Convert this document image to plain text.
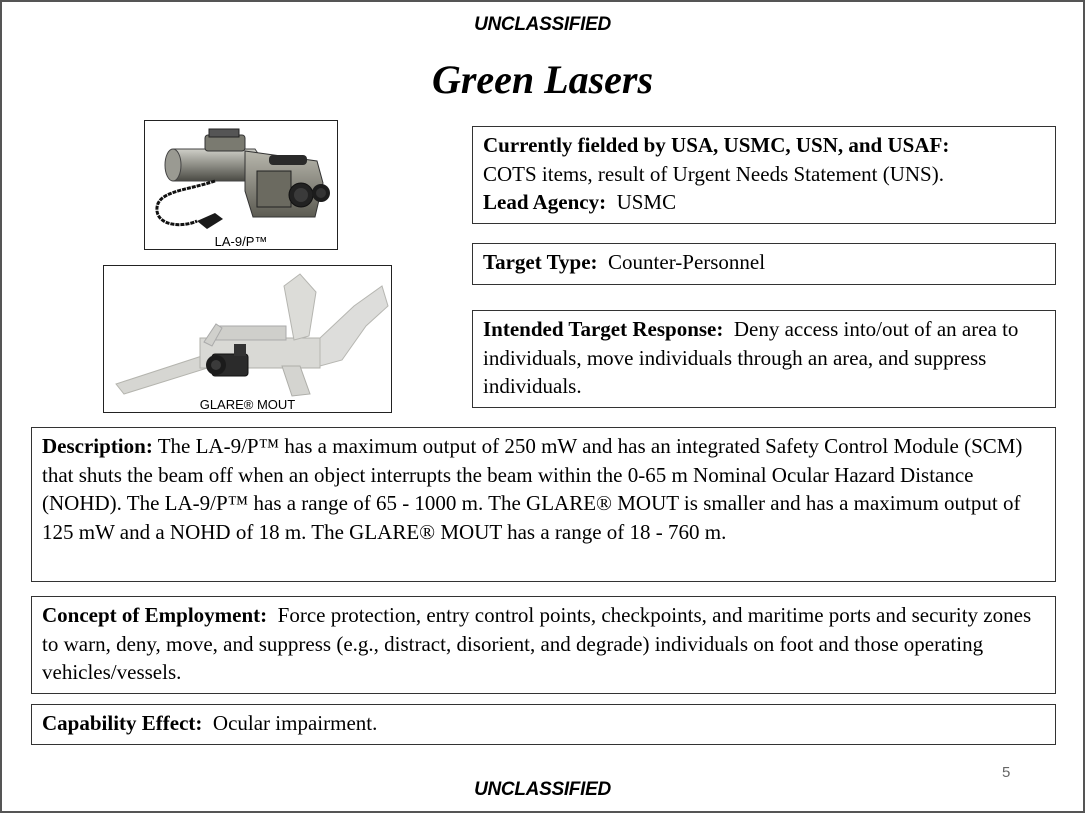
UNCLASSIFIED
Green Lasers
LA-9/P™
GLARE® MOUT
Currently fielded by USA, USMC, USN, and USAF:
COTS items, result of Urgent Needs Statement (UNS).
Lead Agency: USMC
Target Type: Counter-Personnel
Intended Target Response: Deny access into/out of an area to individuals, move individuals through an area, and suppress individuals.
Description: The LA-9/P™ has a maximum output of 250 mW and has an integrated Safety Control Module (SCM) that shuts the beam off when an object interrupts the beam within the 0-65 m Nominal Ocular Hazard Distance (NOHD). The LA-9/P™ has a range of 65 - 1000 m. The GLARE® MOUT is smaller and has a maximum output of 125 mW and a NOHD of 18 m. The GLARE® MOUT has a range of 18 - 760 m.
Concept of Employment: Force protection, entry control points, checkpoints, and maritime ports and security zones to warn, deny, move, and suppress (e.g., distract, disorient, and degrade) individuals on foot and those operating vehicles/vessels.
Capability Effect: Ocular impairment.
5
UNCLASSIFIED
